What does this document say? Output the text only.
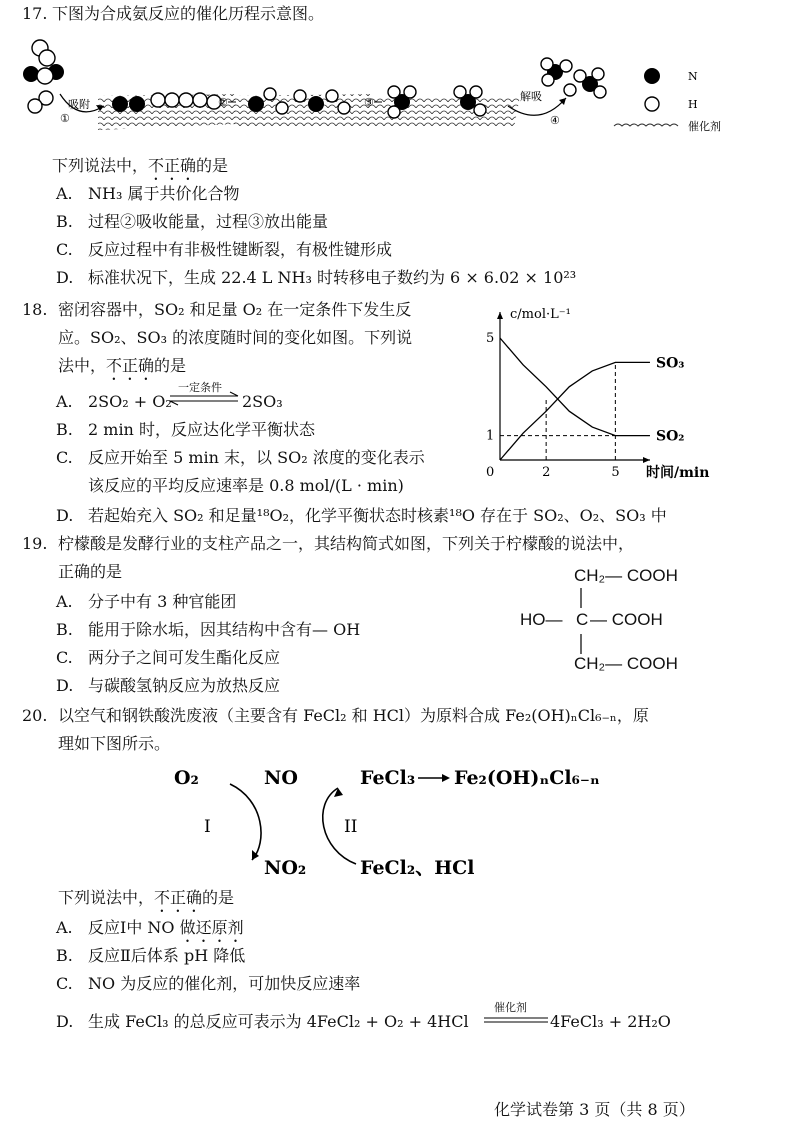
17. 下图为合成氨反应的催化历程示意图。
吸附
①
②	③	解吸
④
N
H
催化剂
下列说法中，不正确的是
A. NH₃ 属于共价化合物
B. 过程②吸收能量，过程③放出能量
C. 反应过程中有非极性键断裂，有极性键形成
D. 标准状况下，生成 22.4 L NH₃ 时转移电子数约为 6 × 6.02 × 10²³
18. 密闭容器中，SO₂ 和足量 O₂ 在一定条件下发生反
应。SO₂、SO₃ 的浓度随时间的变化如图。下列说
法中，不正确的是
A. 2SO₂ + O₂
一定条件
2SO₃
B. 2 min 时，反应达化学平衡状态
C. 反应开始至 5 min 末，以 SO₂ 浓度的变化表示
该反应的平均反应速率是 0.8 mol/(L · min)
D. 若起始充入 SO₂ 和足量¹⁸O₂，化学平衡状态时核素¹⁸O 存在于 SO₂、O₂、SO₃ 中
c/mol·L⁻¹
时间/min
0	2	5
1
5
SO₂
SO₃
19. 柠檬酸是发酵行业的支柱产品之一，其结构简式如图，下列关于柠檬酸的说法中，
正确的是
A. 分子中有 3 种官能团
B. 能用于除水垢，因其结构中含有— OH
C. 两分子之间可发生酯化反应
D. 与碳酸氢钠反应为放热反应
CH₂— COOH
HO— C — COOH
CH₂— COOH
20. 以空气和钢铁酸洗废液（主要含有 FeCl₂ 和 HCl）为原料合成 Fe₂(OH)ₙCl₆₋ₙ，原
理如下图所示。
O₂	NO	FeCl₃ Fe₂(OH)ₙCl₆₋ₙ
NO₂	FeCl₂、HCl
I	II
下列说法中，不正确的是
A. 反应Ⅰ中 NO 做还原剂
B. 反应Ⅱ后体系 pH 降低
C. NO 为反应的催化剂，可加快反应速率
D. 生成 FeCl₃ 的总反应可表示为 4FeCl₂ + O₂ + 4HCl
催化剂
4FeCl₃ + 2H₂O
化学试卷第 3 页（共 8 页）
